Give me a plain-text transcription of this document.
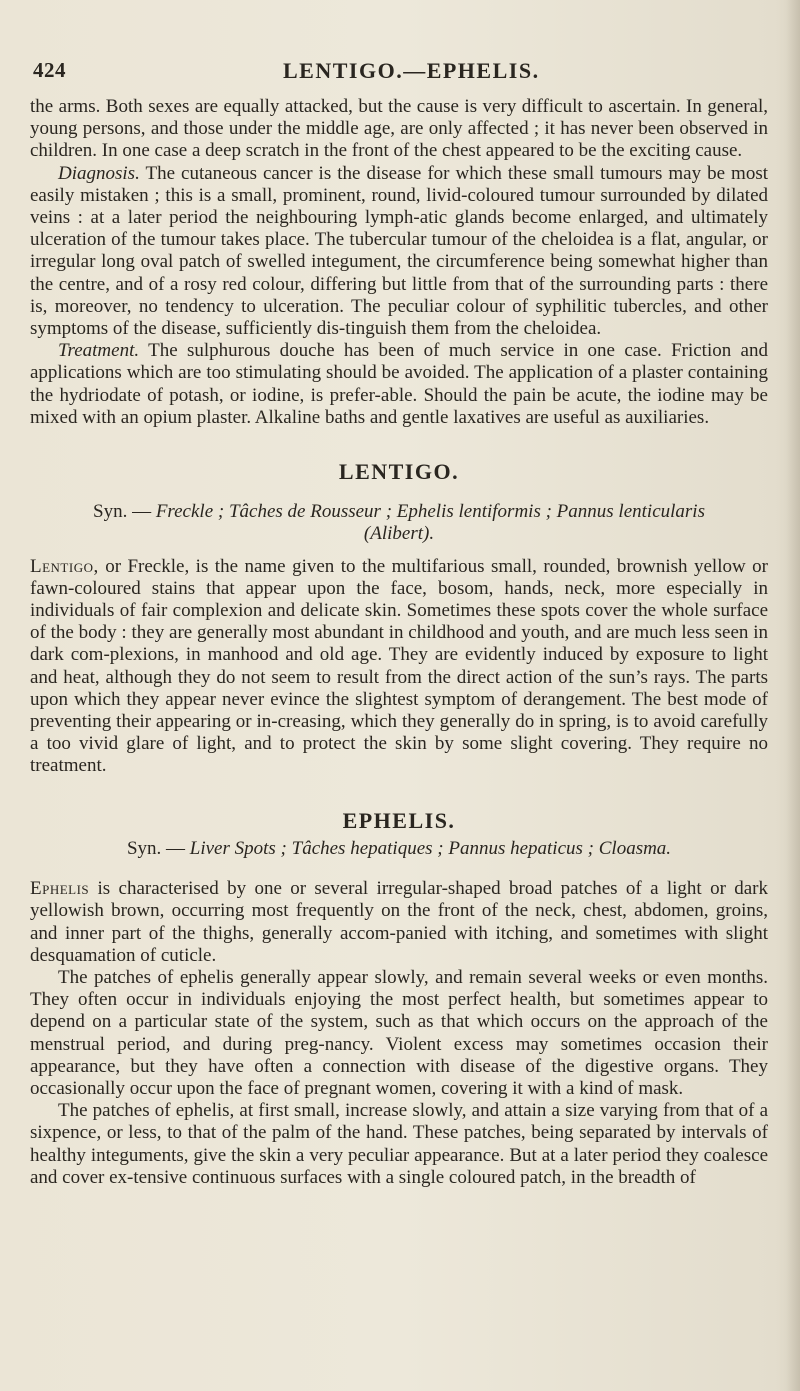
424	LENTIGO.—EPHELIS.

the arms. Both sexes are equally attacked, but the cause is very difficult to ascertain. In general, young persons, and those under the middle age, are only affected ; it has never been observed in children. In one case a deep scratch in the front of the chest appeared to be the exciting cause.

Diagnosis. The cutaneous cancer is the disease for which these small tumours may be most easily mistaken ; this is a small, prominent, round, livid-coloured tumour surrounded by dilated veins : at a later period the neighbouring lymph-atic glands become enlarged, and ultimately ulceration of the tumour takes place. The tubercular tumour of the cheloidea is a flat, angular, or irregular long oval patch of swelled integument, the circumference being somewhat higher than the centre, and of a rosy red colour, differing but little from that of the surrounding parts : there is, moreover, no tendency to ulceration. The peculiar colour of syphilitic tubercles, and other symptoms of the disease, sufficiently dis-tinguish them from the cheloidea.

Treatment. The sulphurous douche has been of much service in one case. Friction and applications which are too stimulating should be avoided. The application of a plaster containing the hydriodate of potash, or iodine, is prefer-able. Should the pain be acute, the iodine may be mixed with an opium plaster. Alkaline baths and gentle laxatives are useful as auxiliaries.

LENTIGO.

Syn. — Freckle ; Tâches de Rousseur ; Ephelis lentiformis ; Pannus lenticularis
(Alibert).

Lentigo, or Freckle, is the name given to the multifarious small, rounded, brownish yellow or fawn-coloured stains that appear upon the face, bosom, hands, neck, more especially in individuals of fair complexion and delicate skin. Sometimes these spots cover the whole surface of the body : they are generally most abundant in childhood and youth, and are much less seen in dark com-plexions, in manhood and old age. They are evidently induced by exposure to light and heat, although they do not seem to result from the direct action of the sun’s rays. The parts upon which they appear never evince the slightest symptom of derangement. The best mode of preventing their appearing or in-creasing, which they generally do in spring, is to avoid carefully a too vivid glare of light, and to protect the skin by some slight covering. They require no treatment.

EPHELIS.

Syn. — Liver Spots ; Tâches hepatiques ; Pannus hepaticus ; Cloasma.

Ephelis is characterised by one or several irregular-shaped broad patches of a light or dark yellowish brown, occurring most frequently on the front of the neck, chest, abdomen, groins, and inner part of the thighs, generally accom-panied with itching, and sometimes with slight desquamation of cuticle.

The patches of ephelis generally appear slowly, and remain several weeks or even months. They often occur in individuals enjoying the most perfect health, but sometimes appear to depend on a particular state of the system, such as that which occurs on the approach of the menstrual period, and during preg-nancy. Violent excess may sometimes occasion their appearance, but they have often a connection with disease of the digestive organs. They occasionally occur upon the face of pregnant women, covering it with a kind of mask.

The patches of ephelis, at first small, increase slowly, and attain a size varying from that of a sixpence, or less, to that of the palm of the hand. These patches, being separated by intervals of healthy integuments, give the skin a very peculiar appearance. But at a later period they coalesce and cover ex-tensive continuous surfaces with a single coloured patch, in the breadth of
